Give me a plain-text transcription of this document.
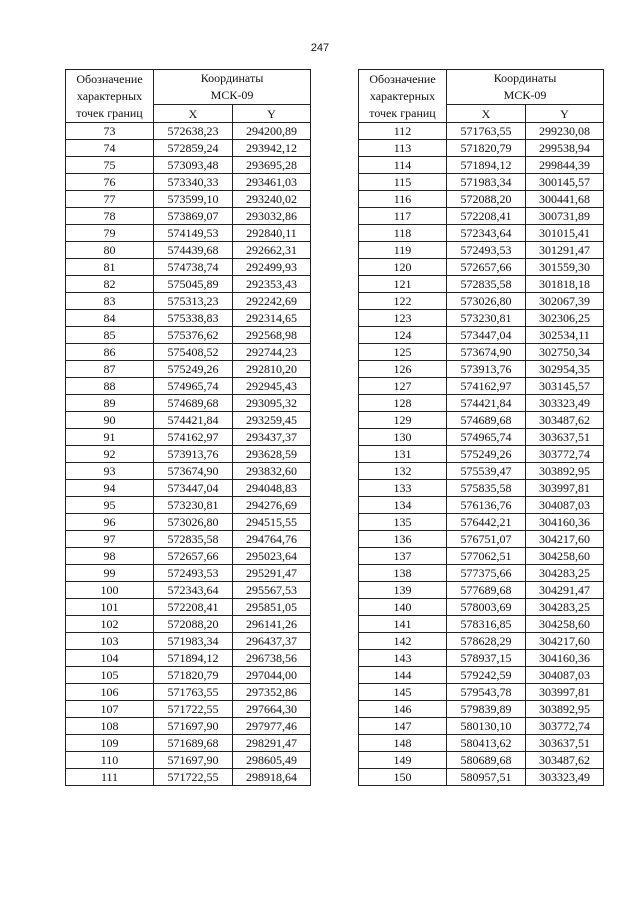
247
Обозначение
характерных
точек границ	Координаты
МСК-09	
	X	Y
73	572638,23	294200,89
74	572859,24	293942,12
75	573093,48	293695,28
76	573340,33	293461,03
77	573599,10	293240,02
78	573869,07	293032,86
79	574149,53	292840,11
80	574439,68	292662,31
81	574738,74	292499,93
82	575045,89	292353,43
83	575313,23	292242,69
84	575338,83	292314,65
85	575376,62	292568,98
86	575408,52	292744,23
87	575249,26	292810,20
88	574965,74	292945,43
89	574689,68	293095,32
90	574421,84	293259,45
91	574162,97	293437,37
92	573913,76	293628,59
93	573674,90	293832,60
94	573447,04	294048,83
95	573230,81	294276,69
96	573026,80	294515,55
97	572835,58	294764,76
98	572657,66	295023,64
99	572493,53	295291,47
100	572343,64	295567,53
101	572208,41	295851,05
102	572088,20	296141,26
103	571983,34	296437,37
104	571894,12	296738,56
105	571820,79	297044,00
106	571763,55	297352,86
107	571722,55	297664,30
108	571697,90	297977,46
109	571689,68	298291,47
110	571697,90	298605,49
111	571722,55	298918,64
Обозначение
характерных
точек границ	Координаты
МСК-09	
	X	Y
112	571763,55	299230,08
113	571820,79	299538,94
114	571894,12	299844,39
115	571983,34	300145,57
116	572088,20	300441,68
117	572208,41	300731,89
118	572343,64	301015,41
119	572493,53	301291,47
120	572657,66	301559,30
121	572835,58	301818,18
122	573026,80	302067,39
123	573230,81	302306,25
124	573447,04	302534,11
125	573674,90	302750,34
126	573913,76	302954,35
127	574162,97	303145,57
128	574421,84	303323,49
129	574689,68	303487,62
130	574965,74	303637,51
131	575249,26	303772,74
132	575539,47	303892,95
133	575835,58	303997,81
134	576136,76	304087,03
135	576442,21	304160,36
136	576751,07	304217,60
137	577062,51	304258,60
138	577375,66	304283,25
139	577689,68	304291,47
140	578003,69	304283,25
141	578316,85	304258,60
142	578628,29	304217,60
143	578937,15	304160,36
144	579242,59	304087,03
145	579543,78	303997,81
146	579839,89	303892,95
147	580130,10	303772,74
148	580413,62	303637,51
149	580689,68	303487,62
150	580957,51	303323,49
